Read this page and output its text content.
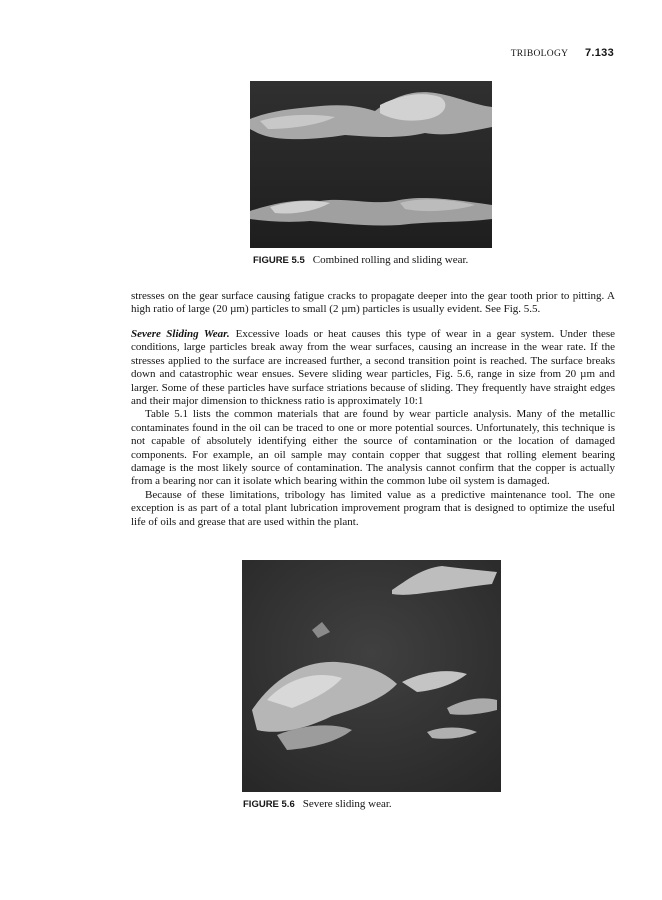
TRIBOLOGY 7.133
FIGURE 5.5 Combined rolling and sliding wear.

stresses on the gear surface causing fatigue cracks to propagate deeper into the gear tooth prior to pitting. A high ratio of large (20 µm) particles to small (2 µm) particles is usually evident. See Fig. 5.5.

Severe Sliding Wear. Excessive loads or heat causes this type of wear in a gear system. Under these conditions, large particles break away from the wear surfaces, causing an increase in the wear rate. If the stresses applied to the surface are increased further, a second transition point is reached. The surface breaks down and catastrophic wear ensues. Severe sliding wear particles, Fig. 5.6, range in size from 20 µm and larger. Some of these particles have surface striations because of sliding. They frequently have straight edges and their major dimension to thickness ratio is approximately 10:1

Table 5.1 lists the common materials that are found by wear particle analysis. Many of the metallic contaminates found in the oil can be traced to one or more potential sources. Unfortunately, this technique is not capable of absolutely identifying either the source of contamination or the location of damaged components. For example, an oil sample may contain copper that suggest that rolling element bearing damage is the most likely source of contamination. The analysis cannot confirm that the copper is actually from a bearing nor can it isolate which bearing within the common lube oil system is damaged.

Because of these limitations, tribology has limited value as a predictive maintenance tool. The one exception is as part of a total plant lubrication improvement program that is designed to optimize the useful life of oils and grease that are used within the plant.

FIGURE 5.6 Severe sliding wear.
